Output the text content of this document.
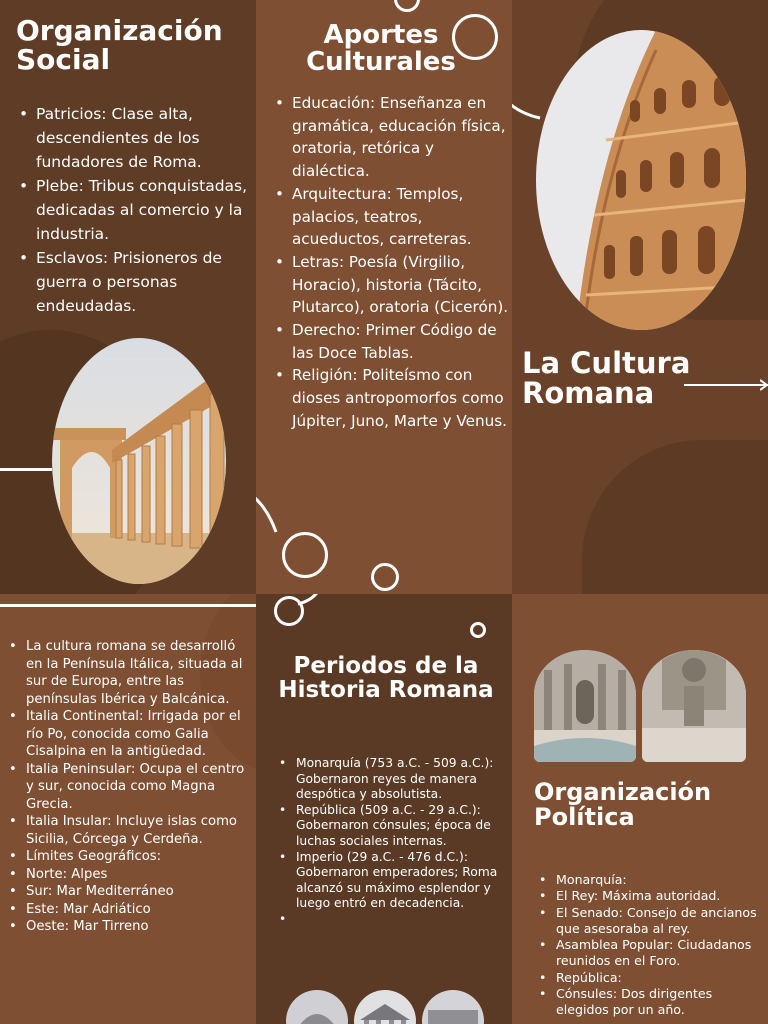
Organización Social
• Patricios: Clase alta, descendientes de los fundadores de Roma.
• Plebe: Tribus conquistadas, dedicadas al comercio y la industria.
• Esclavos: Prisioneros de guerra o personas endeudadas.
Aportes Culturales
• Educación: Enseñanza en gramática, educación física, oratoria, retórica y dialéctica.
• Arquitectura: Templos, palacios, teatros, acueductos, carreteras.
• Letras: Poesía (Virgilio, Horacio), historia (Tácito, Plutarco), oratoria (Cicerón).
• Derecho: Primer Código de las Doce Tablas.
• Religión: Politeísmo con dioses antropomorfos como Júpiter, Juno, Marte y Venus.
La Cultura Romana
• La cultura romana se desarrolló en la Península Itálica, situada al sur de Europa, entre las penínsulas Ibérica y Balcánica.
• Italia Continental: Irrigada por el río Po, conocida como Galia Cisalpina en la antigüedad.
• Italia Peninsular: Ocupa el centro y sur, conocida como Magna Grecia.
• Italia Insular: Incluye islas como Sicilia, Córcega y Cerdeña.
• Límites Geográficos:
• Norte: Alpes
• Sur: Mar Mediterráneo
• Este: Mar Adriático
• Oeste: Mar Tirreno
Periodos de la Historia Romana
• Monarquía (753 a.C. - 509 a.C.): Gobernaron reyes de manera despótica y absolutista.
• República (509 a.C. - 29 a.C.): Gobernaron cónsules; época de luchas sociales internas.
• Imperio (29 a.C. - 476 d.C.): Gobernaron emperadores; Roma alcanzó su máximo esplendor y luego entró en decadencia.
•
Organización Política
• Monarquía:
• El Rey: Máxima autoridad.
• El Senado: Consejo de ancianos que asesoraba al rey.
• Asamblea Popular: Ciudadanos reunidos en el Foro.
• República:
• Cónsules: Dos dirigentes elegidos por un año.
